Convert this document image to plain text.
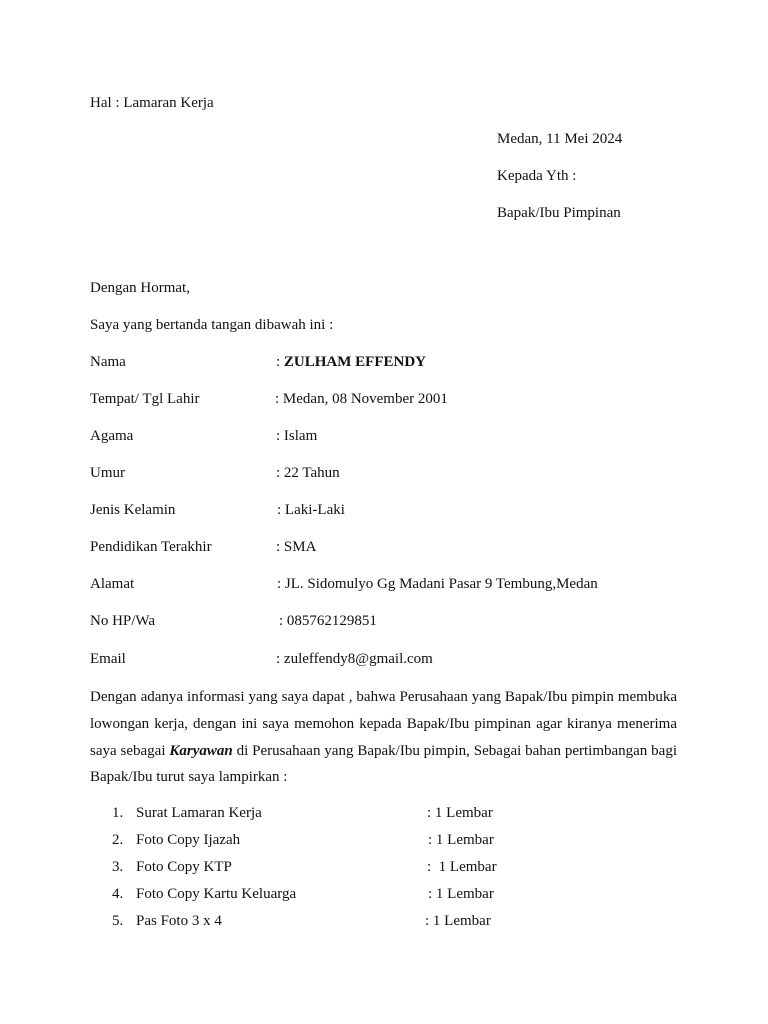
Hal : Lamaran Kerja
Medan, 11 Mei 2024
Kepada Yth :
Bapak/Ibu Pimpinan
Dengan Hormat,
Saya yang bertanda tangan dibawah ini :
Nama	: ZULHAM EFFENDY
Tempat/ Tgl Lahir	: Medan, 08 November 2001
Agama	: Islam
Umur	: 22 Tahun
Jenis Kelamin	: Laki-Laki
Pendidikan Terakhir	: SMA
Alamat	: JL. Sidomulyo Gg Madani Pasar 9 Tembung,Medan
No HP/Wa	: 085762129851
Email	: zuleffendy8@gmail.com
Dengan adanya informasi yang saya dapat , bahwa Perusahaan yang Bapak/Ibu pimpin membuka lowongan kerja, dengan ini saya memohon kepada Bapak/Ibu pimpinan agar kiranya menerima saya sebagai Karyawan di Perusahaan yang Bapak/Ibu pimpin, Sebagai bahan pertimbangan bagi Bapak/Ibu turut saya lampirkan :
1. Surat Lamaran Kerja	: 1 Lembar
2. Foto Copy Ijazah	: 1 Lembar
3. Foto Copy KTP	:  1 Lembar
4. Foto Copy Kartu Keluarga	: 1 Lembar
5. Pas Foto 3 x 4	: 1 Lembar
